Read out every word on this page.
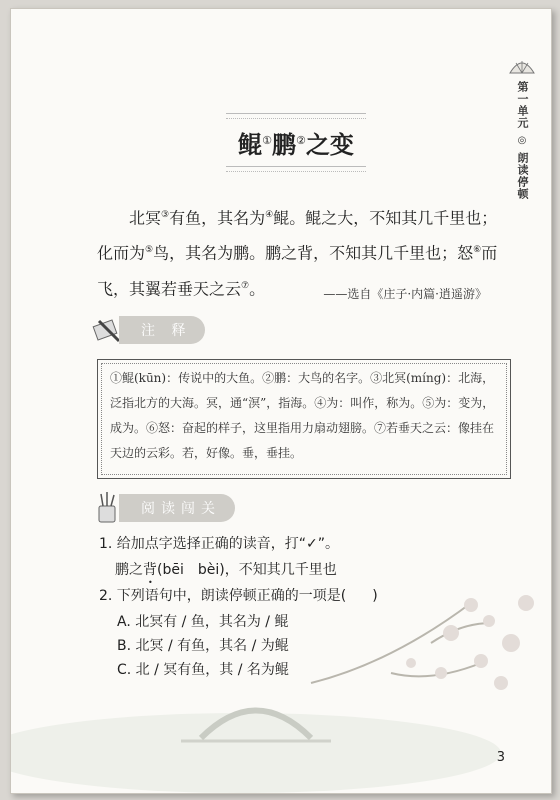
第一单元
◎
朗读停顿
鲲①鹏②之变
北冥③有鱼，其名为④鲲。鲲之大，不知其几千里也；化而为⑤鸟，其名为鹏。鹏之背，不知其几千里也；怒⑥而飞，其翼若垂天之云⑦。	——选自《庄子·内篇·逍遥游》
注 释
①鲲(kūn)：传说中的大鱼。②鹏：大鸟的名字。③北冥(míng)：北海，泛指北方的大海。冥，通“溟”，指海。④为：叫作，称为。⑤为：变为，成为。⑥怒：奋起的样子，这里指用力扇动翅膀。⑦若垂天之云：像挂在天边的云彩。若，好像。垂，垂挂。
阅读闯关
1. 给加点字选择正确的读音，打“✓”。
鹏之背
•
(bēi　bèi)，不知其几千里也
2. 下列语句中，朗读停顿正确的一项是( )
A. 北冥有 / 鱼，其名为 / 鲲
B. 北冥 / 有鱼，其名 / 为鲲
C. 北 / 冥有鱼，其 / 名为鲲
3
